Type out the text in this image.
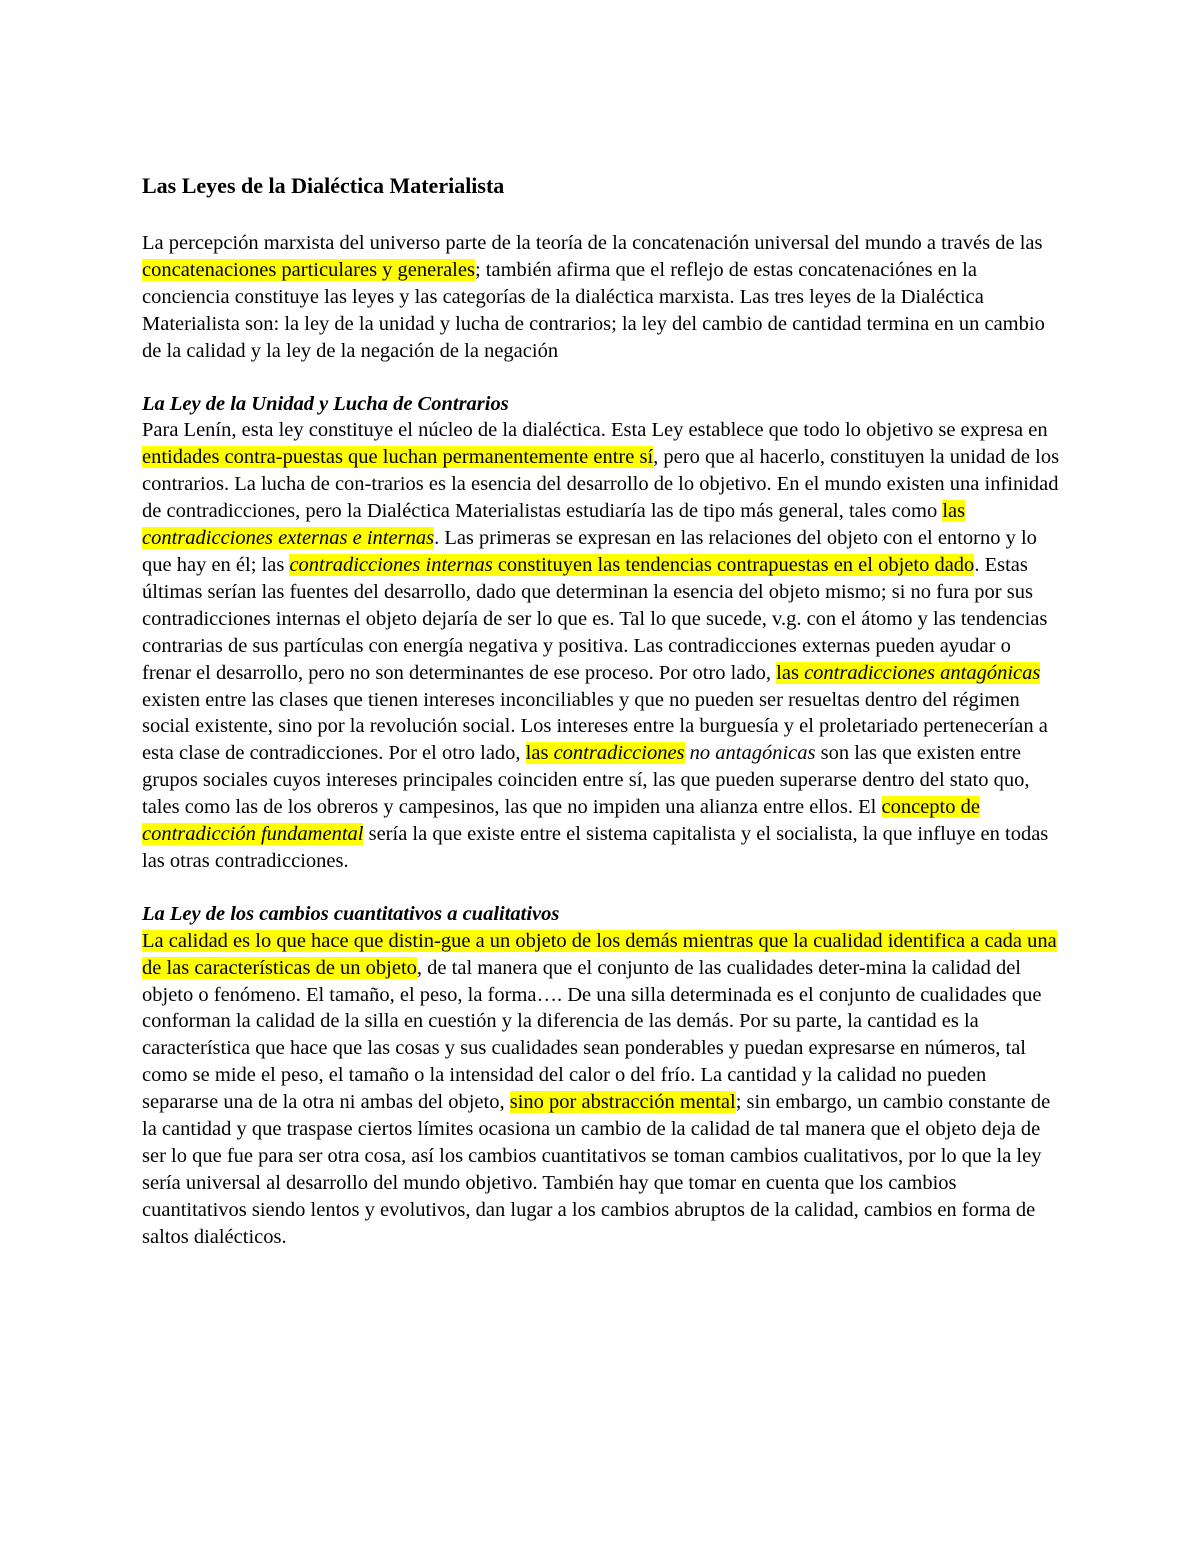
Las Leyes de la Dialéctica Materialista

La percepción marxista del universo parte de la teoría de la concatenación universal del mundo a través de las concatenaciones particulares y generales; también afirma que el reflejo de estas concatenaciónes en la conciencia constituye las leyes y las categorías de la dialéctica marxista. Las tres leyes de la Dialéctica Materialista son: la ley de la unidad y lucha de contrarios; la ley del cambio de cantidad termina en un cambio de la calidad y la ley de la negación de la negación

La Ley de la Unidad y Lucha de Contrarios

Para Lenín, esta ley constituye el núcleo de la dialéctica. Esta Ley establece que todo lo objetivo se expresa en entidades contra-puestas que luchan permanentemente entre sí, pero que al hacerlo, constituyen la unidad de los contrarios. La lucha de con-trarios es la esencia del desarrollo de lo objetivo. En el mundo existen una infinidad de contradicciones, pero la Dialéctica Materialistas estudiaría las de tipo más general, tales como las contradicciones externas e internas. Las primeras se expresan en las relaciones del objeto con el entorno y lo que hay en él; las contradicciones internas constituyen las tendencias contrapuestas en el objeto dado. Estas últimas serían las fuentes del desarrollo, dado que determinan la esencia del objeto mismo; si no fura por sus contradicciones internas el objeto dejaría de ser lo que es. Tal lo que sucede, v.g. con el átomo y las tendencias contrarias de sus partículas con energía negativa y positiva. Las contradicciones externas pueden ayudar o frenar el desarrollo, pero no son determinantes de ese proceso. Por otro lado, las contradicciones antagónicas existen entre las clases que tienen intereses inconciliables y que no pueden ser resueltas dentro del régimen social existente, sino por la revolución social. Los intereses entre la burguesía y el proletariado pertenecerían a esta clase de contradicciones. Por el otro lado, las contradicciones no antagónicas son las que existen entre grupos sociales cuyos intereses principales coinciden entre sí, las que pueden superarse dentro del stato quo, tales como las de los obreros y campesinos, las que no impiden una alianza entre ellos. El concepto de contradicción fundamental sería la que existe entre el sistema capitalista y el socialista, la que influye en todas las otras contradicciones.

La Ley de los cambios cuantitativos a cualitativos

La calidad es lo que hace que distin-gue a un objeto de los demás mientras que la cualidad identifica a cada una de las características de un objeto, de tal manera que el conjunto de las cualidades deter-mina la calidad del objeto o fenómeno. El tamaño, el peso, la forma…. De una silla determinada es el conjunto de cualidades que conforman la calidad de la silla en cuestión y la diferencia de las demás. Por su parte, la cantidad es la característica que hace que las cosas y sus cualidades sean ponderables y puedan expresarse en números, tal como se mide el peso, el tamaño o la intensidad del calor o del frío. La cantidad y la calidad no pueden separarse una de la otra ni ambas del objeto, sino por abstracción mental; sin embargo, un cambio constante de la cantidad y que traspase ciertos límites ocasiona un cambio de la calidad de tal manera que el objeto deja de ser lo que fue para ser otra cosa, así los cambios cuantitativos se toman cambios cualitativos, por lo que la ley sería universal al desarrollo del mundo objetivo. También hay que tomar en cuenta que los cambios cuantitativos siendo lentos y evolutivos, dan lugar a los cambios abruptos de la calidad, cambios en forma de saltos dialécticos.
